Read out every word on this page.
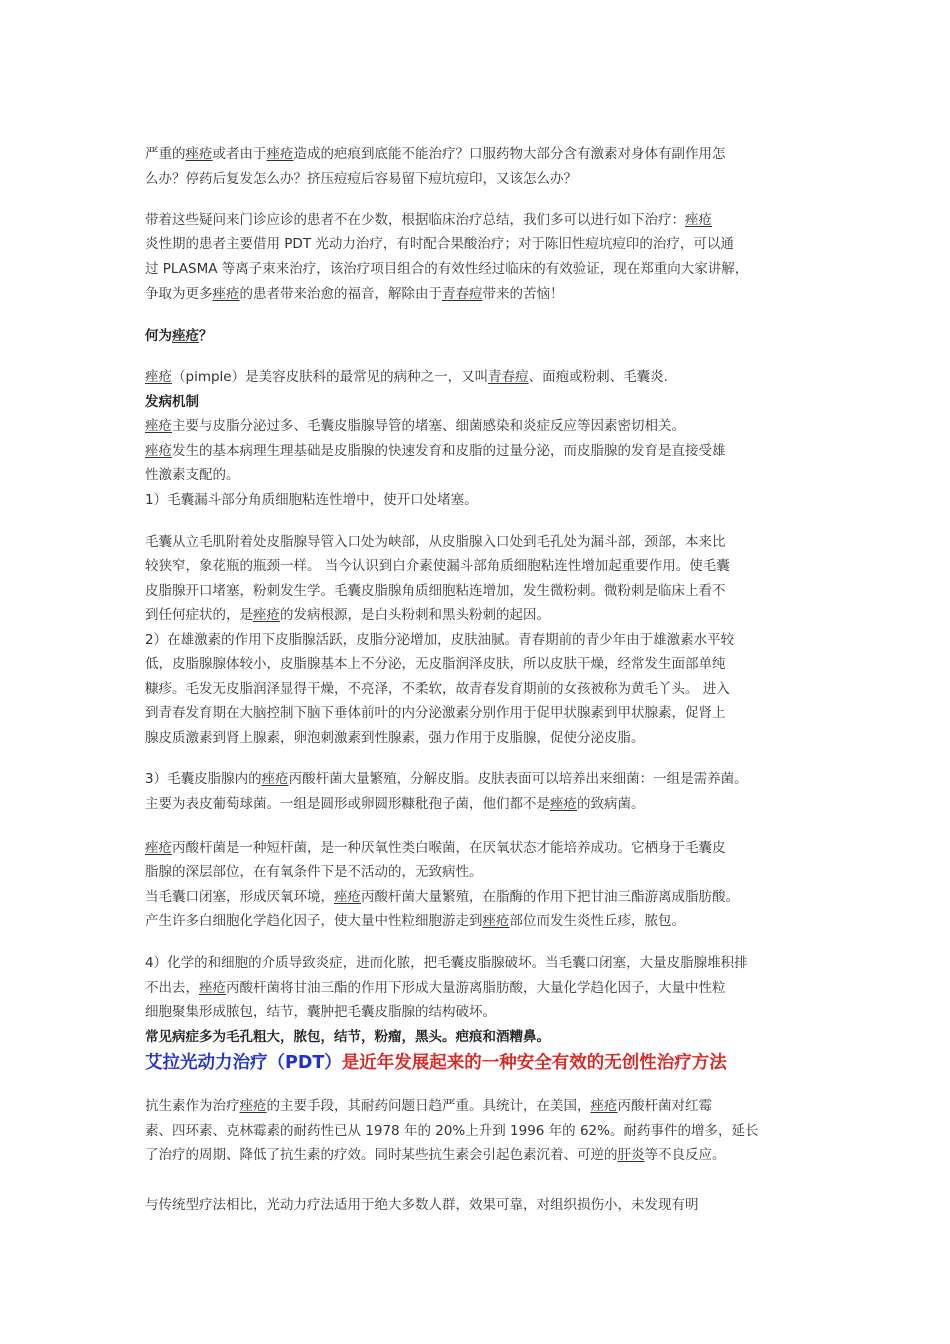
严重的痤疮或者由于痤疮造成的疤痕到底能不能治疗？口服药物大部分含有激素对身体有副作用怎
么办？停药后复发怎么办？挤压痘痘后容易留下痘坑痘印，又该怎么办？
带着这些疑问来门诊应诊的患者不在少数，根据临床治疗总结，我们多可以进行如下治疗：痤疮
炎性期的患者主要借用 PDT 光动力治疗，有时配合果酸治疗；对于陈旧性痘坑痘印的治疗，可以通
过 PLASMA 等离子束来治疗，该治疗项目组合的有效性经过临床的有效验证，现在郑重向大家讲解，
争取为更多痤疮的患者带来治愈的福音，解除由于青春痘带来的苦恼！
何为痤疮？
痤疮（pimple）是美容皮肤科的最常见的病种之一，又叫青春痘、面疱或粉刺、毛囊炎.
发病机制
痤疮主要与皮脂分泌过多、毛囊皮脂腺导管的堵塞、细菌感染和炎症反应等因素密切相关。
痤疮发生的基本病理生理基础是皮脂腺的快速发育和皮脂的过量分泌，而皮脂腺的发育是直接受雄
性激素支配的。
1）毛囊漏斗部分角质细胞粘连性增中，使开口处堵塞。
毛囊从立毛肌附着处皮脂腺导管入口处为峡部，从皮脂腺入口处到毛孔处为漏斗部，颈部，本来比
较狭窄，象花瓶的瓶颈一样。 当今认识到白介素使漏斗部角质细胞粘连性增加起重要作用。使毛囊
皮脂腺开口堵塞，粉刺发生学。毛囊皮脂腺角质细胞粘连增加，发生微粉刺。微粉刺是临床上看不
到任何症状的，是痤疮的发病根源，是白头粉刺和黑头粉刺的起因。
2）在雄激素的作用下皮脂腺活跃，皮脂分泌增加，皮肤油腻。青春期前的青少年由于雄激素水平较
低，皮脂腺腺体较小，皮脂腺基本上不分泌，无皮脂润泽皮肤，所以皮肤干燥，经常发生面部单纯
糠疹。毛发无皮脂润泽显得干燥，不亮泽，不柔软，故青春发育期前的女孩被称为黄毛丫头。 进入
到青春发育期在大脑控制下脑下垂体前叶的内分泌激素分别作用于促甲状腺素到甲状腺素，促肾上
腺皮质激素到肾上腺素，卵泡刺激素到性腺素，强力作用于皮脂腺，促使分泌皮脂。
3）毛囊皮脂腺内的痤疮丙酸杆菌大量繁殖，分解皮脂。皮肤表面可以培养出来细菌：一组是需养菌。
主要为表皮葡萄球菌。一组是圆形或卵圆形糠秕孢子菌，他们都不是痤疮的致病菌。
痤疮丙酸杆菌是一种短杆菌，是一种厌氧性类白喉菌，在厌氧状态才能培养成功。它栖身于毛囊皮
脂腺的深层部位，在有氧条件下是不活动的，无致病性。
当毛囊口闭塞，形成厌氧环境，痤疮丙酸杆菌大量繁殖，在脂酶的作用下把甘油三酯游离成脂肪酸。
产生许多白细胞化学趋化因子，使大量中性粒细胞游走到痤疮部位而发生炎性丘疹，脓包。
4）化学的和细胞的介质导致炎症，进而化脓，把毛囊皮脂腺破坏。当毛囊口闭塞，大量皮脂腺堆积排
不出去，痤疮丙酸杆菌将甘油三酯的作用下形成大量游离脂肪酸，大量化学趋化因子，大量中性粒
细胞聚集形成脓包，结节，囊肿把毛囊皮脂腺的结构破坏。
常见病症多为毛孔粗大，脓包，结节，粉瘤，黑头。疤痕和酒糟鼻。
艾拉光动力治疗（PDT）是近年发展起来的一种安全有效的无创性治疗方法
抗生素作为治疗痤疮的主要手段，其耐药问题日趋严重。具统计，在美国，痤疮丙酸杆菌对红霉
素、四环素、克林霉素的耐药性已从 1978 年的 20%上升到 1996 年的 62%。耐药事件的增多，延长
了治疗的周期、降低了抗生素的疗效。同时某些抗生素会引起色素沉着、可逆的肝炎等不良反应。
与传统型疗法相比，光动力疗法适用于绝大多数人群，效果可靠，对组织损伤小，未发现有明
